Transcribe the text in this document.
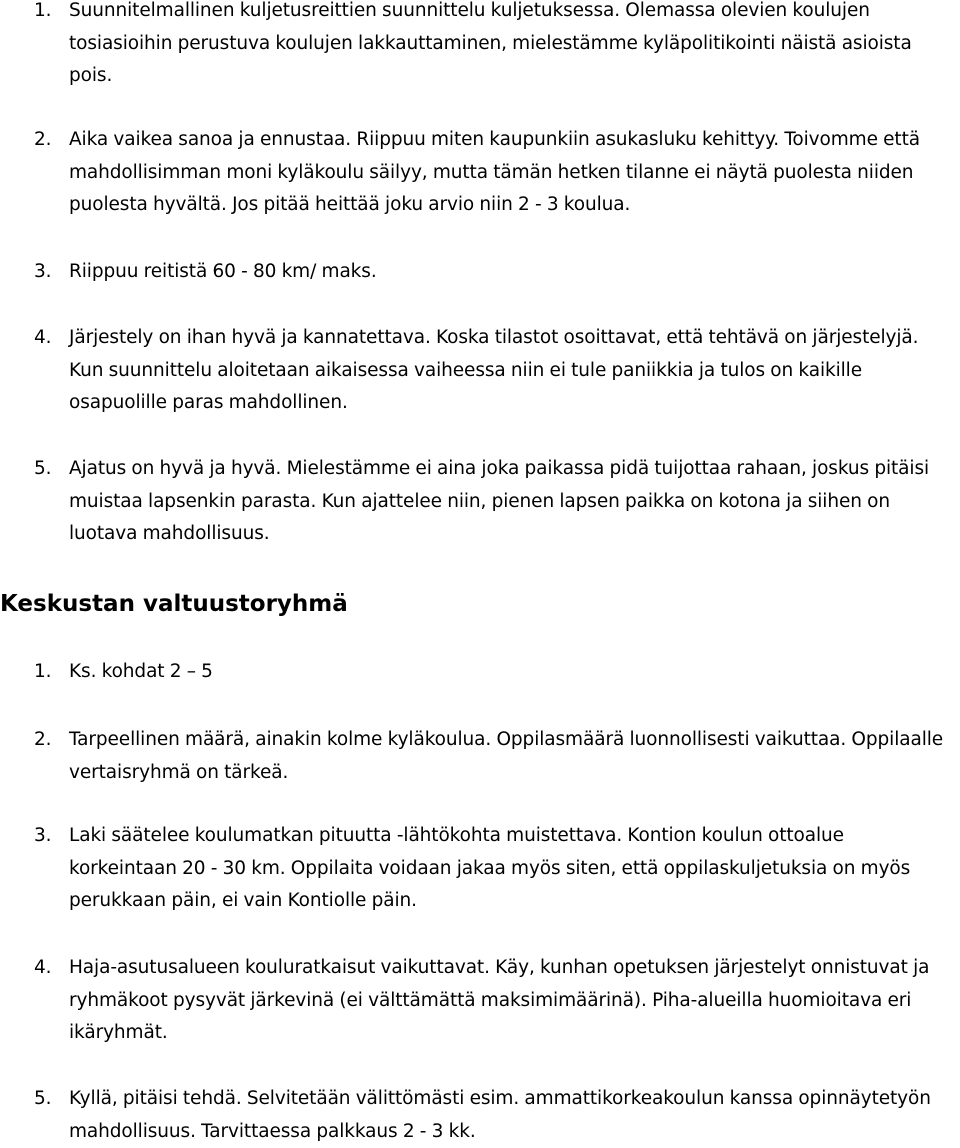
1. Suunnitelmallinen kuljetusreittien suunnittelu kuljetuksessa. Olemassa olevien koulujen tosiasioihin perustuva koulujen lakkauttaminen, mielestämme kyläpolitikointi näistä asioista pois.
2. Aika vaikea sanoa ja ennustaa. Riippuu miten kaupunkiin asukasluku kehittyy. Toivomme että mahdollisimman moni kyläkoulu säilyy, mutta tämän hetken tilanne ei näytä puolesta niiden puolesta hyvältä. Jos pitää heittää joku arvio niin 2 - 3 koulua.
3. Riippuu reitistä 60 - 80 km/ maks.
4. Järjestely on ihan hyvä ja kannatettava. Koska tilastot osoittavat, että tehtävä on järjestelyjä. Kun suunnittelu aloitetaan aikaisessa vaiheessa niin ei tule paniikkia ja tulos on kaikille osapuolille paras mahdollinen.
5. Ajatus on hyvä ja hyvä. Mielestämme ei aina joka paikassa pidä tuijottaa rahaan, joskus pitäisi muistaa lapsenkin parasta. Kun ajattelee niin, pienen lapsen paikka on kotona ja siihen on luotava mahdollisuus.
Keskustan valtuustoryhmä
1. Ks. kohdat 2 – 5
2. Tarpeellinen määrä, ainakin kolme kyläkoulua. Oppilasmäärä luonnollisesti vaikuttaa. Oppilaalle vertaisryhmä on tärkeä.
3. Laki säätelee koulumatkan pituutta -lähtökohta muistettava. Kontion koulun ottoalue korkeintaan 20 - 30 km. Oppilaita voidaan jakaa myös siten, että oppilaskuljetuksia on myös perukkaan päin, ei vain Kontiolle päin.
4. Haja-asutusalueen kouluratkaisut vaikuttavat. Käy, kunhan opetuksen järjestelyt onnistuvat ja ryhmäkoot pysyvät järkevinä (ei välttämättä maksimimäärinä). Piha-alueilla huomioitava eri ikäryhmät.
5. Kyllä, pitäisi tehdä. Selvitetään välittömästi esim. ammattikorkeakoulun kanssa opinnäytetyön mahdollisuus. Tarvittaessa palkkaus 2 - 3 kk.
